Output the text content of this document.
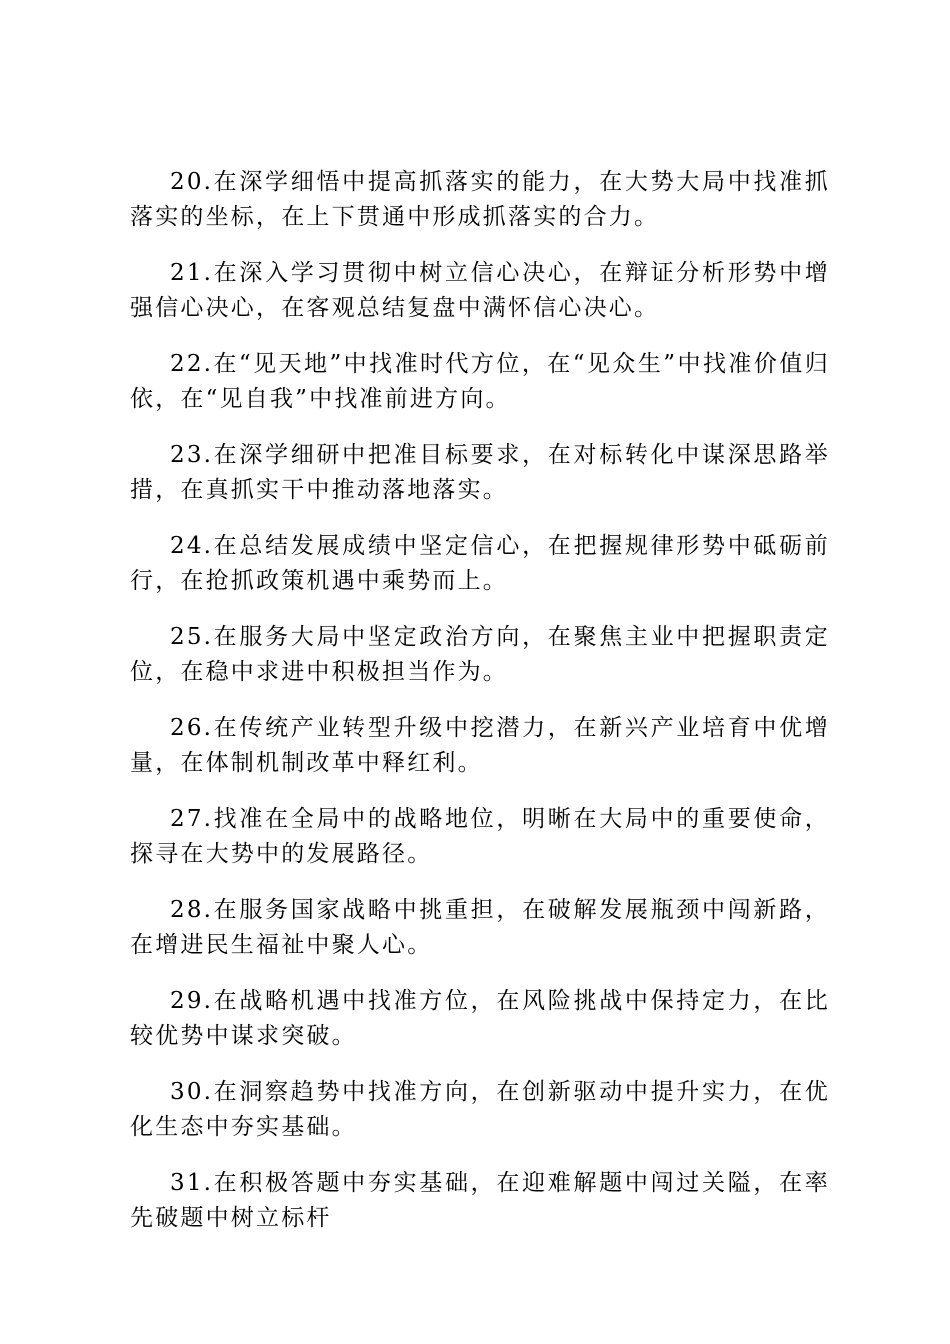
20.在深学细悟中提高抓落实的能力，在大势大局中找准抓落实的坐标，在上下贯通中形成抓落实的合力。

21.在深入学习贯彻中树立信心决心，在辩证分析形势中增强信心决心，在客观总结复盘中满怀信心决心。

22.在“见天地”中找准时代方位，在“见众生”中找准价值归依，在“见自我”中找准前进方向。

23.在深学细研中把准目标要求，在对标转化中谋深思路举措，在真抓实干中推动落地落实。

24.在总结发展成绩中坚定信心，在把握规律形势中砥砺前行，在抢抓政策机遇中乘势而上。

25.在服务大局中坚定政治方向，在聚焦主业中把握职责定位，在稳中求进中积极担当作为。

26.在传统产业转型升级中挖潜力，在新兴产业培育中优增量，在体制机制改革中释红利。

27.找准在全局中的战略地位，明晰在大局中的重要使命，探寻在大势中的发展路径。

28.在服务国家战略中挑重担，在破解发展瓶颈中闯新路，在增进民生福祉中聚人心。

29.在战略机遇中找准方位，在风险挑战中保持定力，在比较优势中谋求突破。

30.在洞察趋势中找准方向，在创新驱动中提升实力，在优化生态中夯实基础。

31.在积极答题中夯实基础，在迎难解题中闯过关隘，在率先破题中树立标杆
